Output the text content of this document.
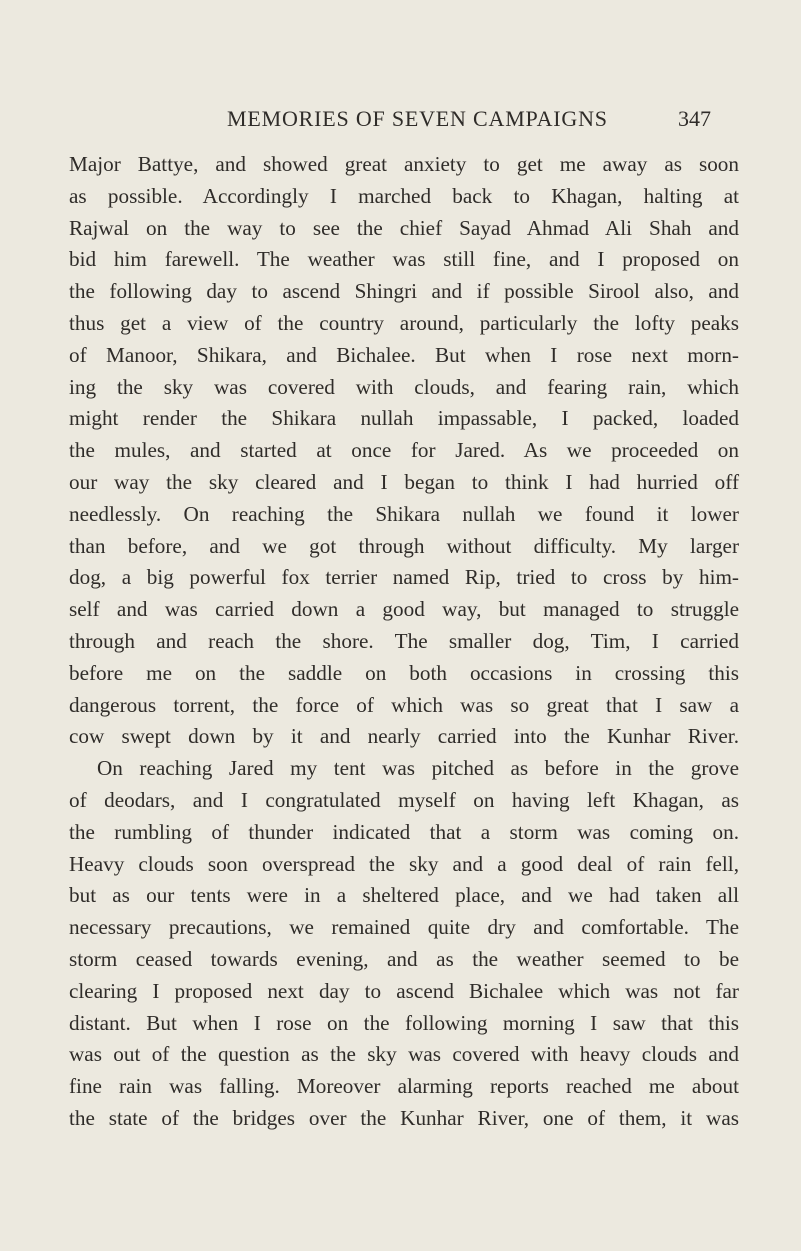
MEMORIES OF SEVEN CAMPAIGNS	347
Major Battye, and showed great anxiety to get me away as soon
as possible. Accordingly I marched back to Khagan, halting at
Rajwal on the way to see the chief Sayad Ahmad Ali Shah and
bid him farewell. The weather was still fine, and I proposed on
the following day to ascend Shingri and if possible Sirool also, and
thus get a view of the country around, particularly the lofty peaks
of Manoor, Shikara, and Bichalee. But when I rose next morn-
ing the sky was covered with clouds, and fearing rain, which
might render the Shikara nullah impassable, I packed, loaded
the mules, and started at once for Jared. As we proceeded on
our way the sky cleared and I began to think I had hurried off
needlessly. On reaching the Shikara nullah we found it lower
than before, and we got through without difficulty. My larger
dog, a big powerful fox terrier named Rip, tried to cross by him-
self and was carried down a good way, but managed to struggle
through and reach the shore. The smaller dog, Tim, I carried
before me on the saddle on both occasions in crossing this
dangerous torrent, the force of which was so great that I saw a
cow swept down by it and nearly carried into the Kunhar River.
On reaching Jared my tent was pitched as before in the grove
of deodars, and I congratulated myself on having left Khagan, as
the rumbling of thunder indicated that a storm was coming on.
Heavy clouds soon overspread the sky and a good deal of rain fell,
but as our tents were in a sheltered place, and we had taken all
necessary precautions, we remained quite dry and comfortable. The
storm ceased towards evening, and as the weather seemed to be
clearing I proposed next day to ascend Bichalee which was not far
distant. But when I rose on the following morning I saw that this
was out of the question as the sky was covered with heavy clouds and
fine rain was falling. Moreover alarming reports reached me about
the state of the bridges over the Kunhar River, one of them, it was
